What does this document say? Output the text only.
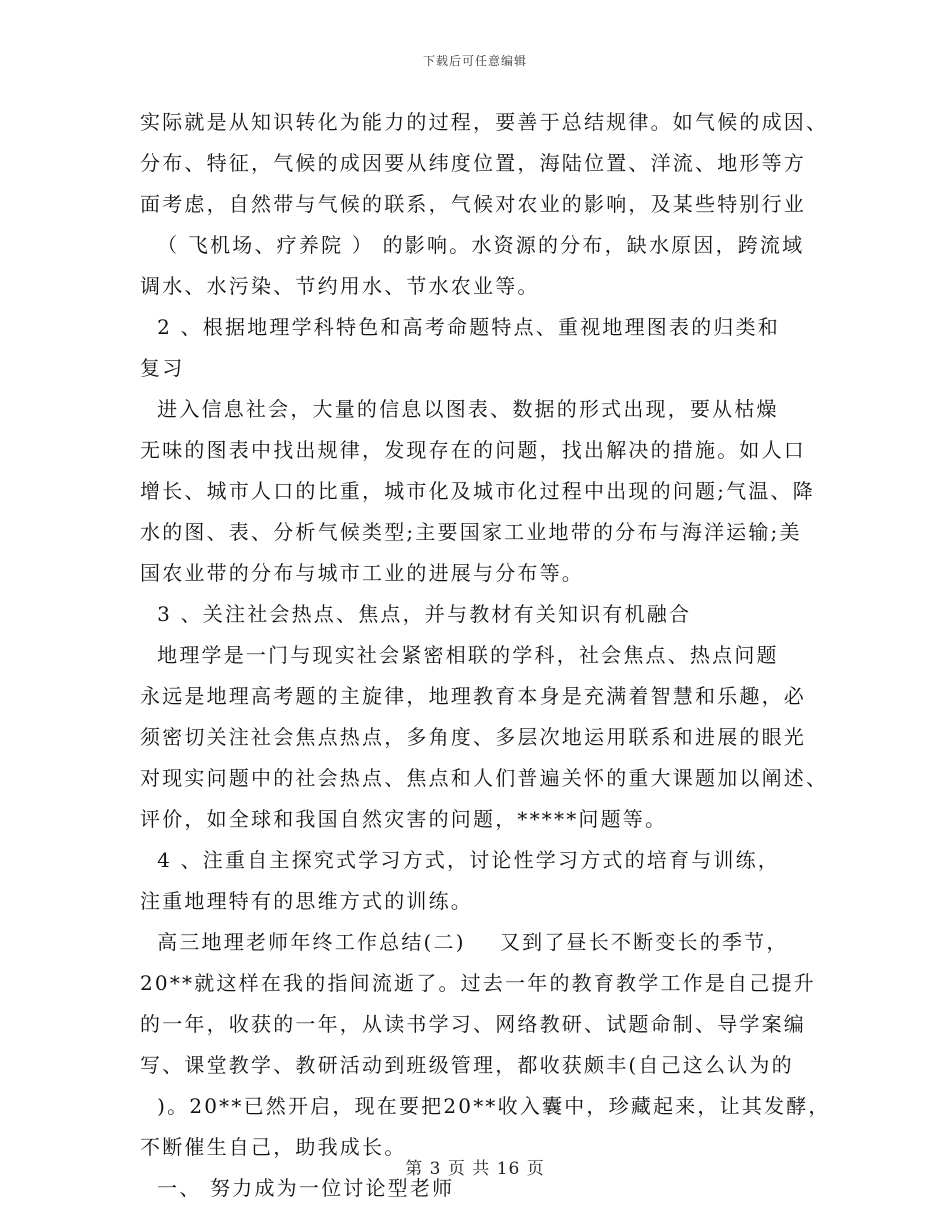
下载后可任意编辑
实际就是从知识转化为能力的过程，要善于总结规律。如气候的成因、
分布、特征，气候的成因要从纬度位置，海陆位置、洋流、地形等方
面考虑，自然带与气候的联系，气候对农业的影响，及某些特别行业
（ 飞机场、疗养院 ） 的影响。水资源的分布，缺水原因，跨流域
调水、水污染、节约用水、节水农业等。
2 、根据地理学科特色和高考命题特点、重视地理图表的归类和
复习
进入信息社会，大量的信息以图表、数据的形式出现，要从枯燥
无味的图表中找出规律，发现存在的问题，找出解决的措施。如人口
增长、城市人口的比重，城市化及城市化过程中出现的问题;气温、降
水的图、表、分析气候类型;主要国家工业地带的分布与海洋运输;美
国农业带的分布与城市工业的进展与分布等。
3 、关注社会热点、焦点，并与教材有关知识有机融合
地理学是一门与现实社会紧密相联的学科，社会焦点、热点问题
永远是地理高考题的主旋律，地理教育本身是充满着智慧和乐趣，必
须密切关注社会焦点热点，多角度、多层次地运用联系和进展的眼光
对现实问题中的社会热点、焦点和人们普遍关怀的重大课题加以阐述、
评价，如全球和我国自然灾害的问题，*****问题等。
4 、注重自主探究式学习方式，讨论性学习方式的培育与训练，
注重地理特有的思维方式的训练。
高三地理老师年终工作总结(二)    又到了昼长不断变长的季节，
20**就这样在我的指间流逝了。过去一年的教育教学工作是自己提升
的一年，收获的一年，从读书学习、网络教研、试题命制、导学案编
写、课堂教学、教研活动到班级管理，都收获颇丰(自己这么认为的
)。20**已然开启，现在要把20**收入囊中，珍藏起来，让其发酵，
不断催生自己，助我成长。
一、 努力成为一位讨论型老师
第 3 页 共 16 页
